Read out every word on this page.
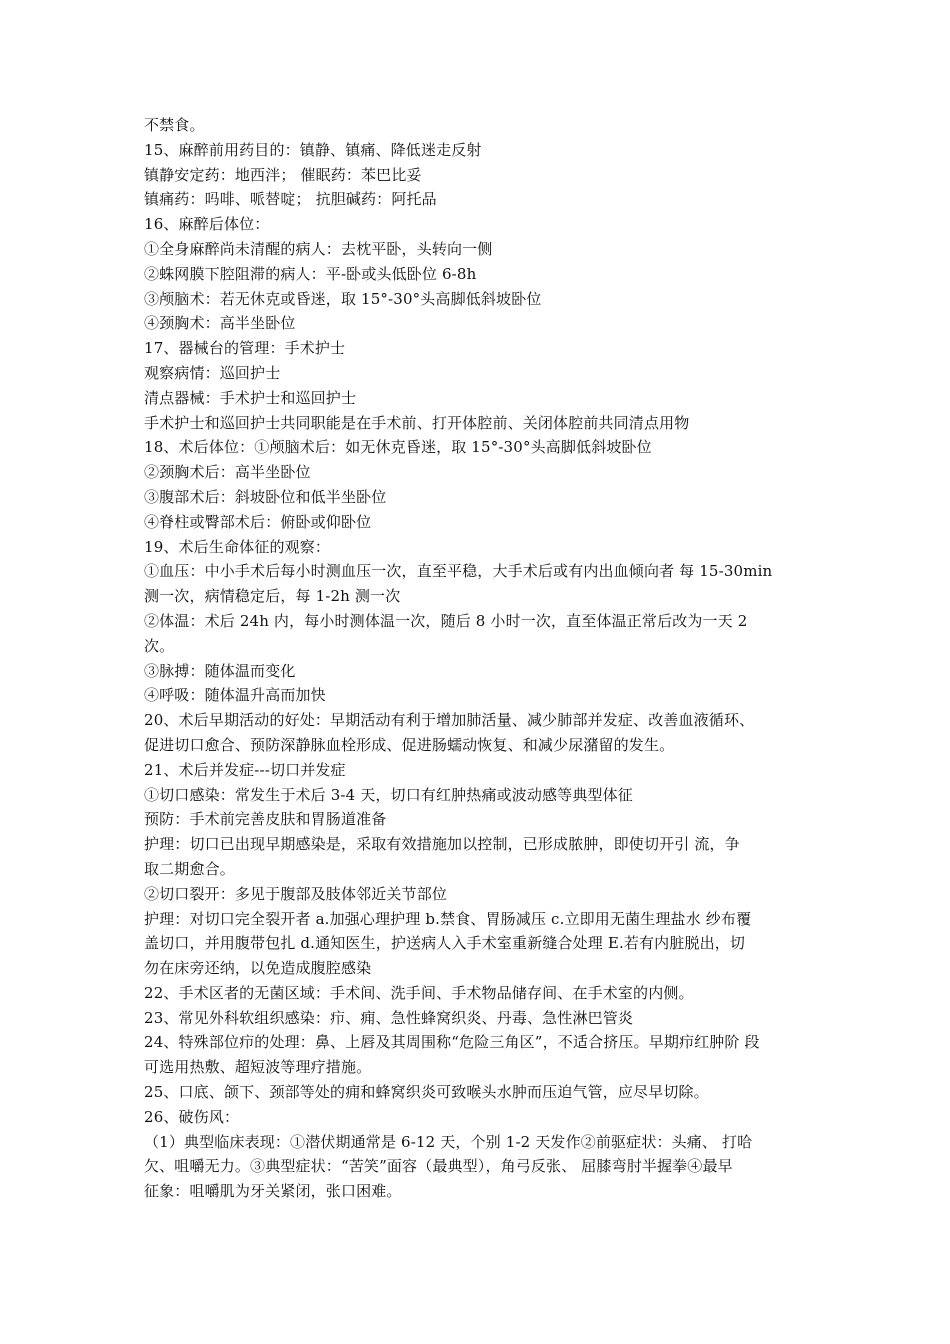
不禁食。
15、麻醉前用药目的：镇静、镇痛、降低迷走反射
镇静安定药：地西泮； 催眠药：苯巴比妥
镇痛药：吗啡、哌替啶； 抗胆碱药：阿托品
16、麻醉后体位：
①全身麻醉尚未清醒的病人：去枕平卧，头转向一侧
②蛛网膜下腔阻滞的病人：平-卧或头低卧位 6-8h
③颅脑术：若无休克或昏迷，取 15°-30°头高脚低斜坡卧位
④颈胸术：高半坐卧位
17、器械台的管理：手术护士
观察病情：巡回护士
清点器械：手术护士和巡回护士
手术护士和巡回护士共同职能是在手术前、打开体腔前、关闭体腔前共同清点用物
18、术后体位：①颅脑术后：如无休克昏迷，取 15°-30°头高脚低斜坡卧位
②颈胸术后：高半坐卧位
③腹部术后：斜坡卧位和低半坐卧位
④脊柱或臀部术后：俯卧或仰卧位
19、术后生命体征的观察：
①血压：中小手术后每小时测血压一次，直至平稳，大手术后或有内出血倾向者 每 15-30min
测一次，病情稳定后，每 1-2h 测一次
②体温：术后 24h 内，每小时测体温一次，随后 8 小时一次，直至体温正常后改为一天 2
次。
③脉搏：随体温而变化
④呼吸：随体温升高而加快
20、术后早期活动的好处：早期活动有利于增加肺活量、减少肺部并发症、改善血液循环、
促进切口愈合、预防深静脉血栓形成、促进肠蠕动恢复、和减少尿潴留的发生。
21、术后并发症---切口并发症
①切口感染：常发生于术后 3-4 天，切口有红肿热痛或波动感等典型体征
预防：手术前完善皮肤和胃肠道准备
护理：切口已出现早期感染是，采取有效措施加以控制，已形成脓肿，即使切开引 流，争
取二期愈合。
②切口裂开：多见于腹部及肢体邻近关节部位
护理：对切口完全裂开者 a.加强心理护理 b.禁食、胃肠减压 c.立即用无菌生理盐水 纱布覆
盖切口，并用腹带包扎 d.通知医生，护送病人入手术室重新缝合处理 E.若有内脏脱出，切
勿在床旁还纳，以免造成腹腔感染
22、手术区者的无菌区域：手术间、洗手间、手术物品储存间、在手术室的内侧。
23、常见外科软组织感染：疖、痈、急性蜂窝织炎、丹毒、急性淋巴管炎
24、特殊部位疖的处理：鼻、上唇及其周围称“危险三角区”，不适合挤压。早期疖红肿阶 段
可选用热敷、超短波等理疗措施。
25、口底、颌下、颈部等处的痈和蜂窝织炎可致喉头水肿而压迫气管，应尽早切除。
26、破伤风：
（1）典型临床表现：①潜伏期通常是 6-12 天，个别 1-2 天发作②前驱症状：头痛、 打哈
欠、咀嚼无力。③典型症状：“苦笑”面容（最典型），角弓反张、 屈膝弯肘半握拳④最早
征象：咀嚼肌为牙关紧闭，张口困难。
